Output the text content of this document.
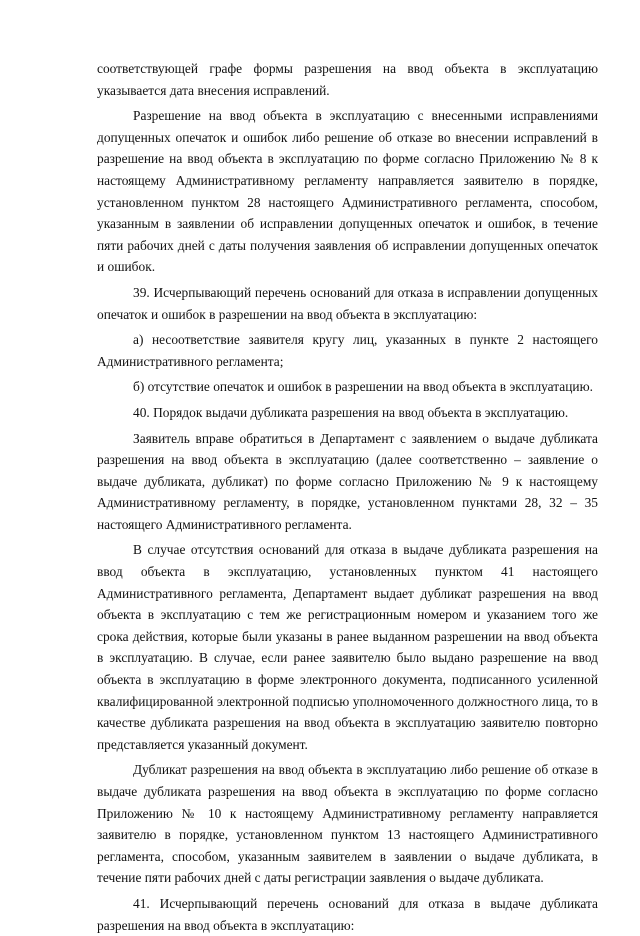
соответствующей графе формы разрешения на ввод объекта в эксплуатацию указывается дата внесения исправлений.

Разрешение на ввод объекта в эксплуатацию с внесенными исправлениями допущенных опечаток и ошибок либо решение об отказе во внесении исправлений в разрешение на ввод объекта в эксплуатацию по форме согласно Приложению № 8 к настоящему Административному регламенту направляется заявителю в порядке, установленном пунктом 28 настоящего Административного регламента, способом, указанным в заявлении об исправлении допущенных опечаток и ошибок, в течение пяти рабочих дней с даты получения заявления об исправлении допущенных опечаток и ошибок.

39. Исчерпывающий перечень оснований для отказа в исправлении допущенных опечаток и ошибок в разрешении на ввод объекта в эксплуатацию:

а) несоответствие заявителя кругу лиц, указанных в пункте 2 настоящего Административного регламента;

б) отсутствие опечаток и ошибок в разрешении на ввод объекта в эксплуатацию.

40. Порядок выдачи дубликата разрешения на ввод объекта в эксплуатацию.

Заявитель вправе обратиться в Департамент с заявлением о выдаче дубликата разрешения на ввод объекта в эксплуатацию (далее соответственно – заявление о выдаче дубликата, дубликат) по форме согласно Приложению № 9 к настоящему Административному регламенту, в порядке, установленном пунктами 28, 32 – 35 настоящего Административного регламента.

В случае отсутствия оснований для отказа в выдаче дубликата разрешения на ввод объекта в эксплуатацию, установленных пунктом 41 настоящего Административного регламента, Департамент выдает дубликат разрешения на ввод объекта в эксплуатацию с тем же регистрационным номером и указанием того же срока действия, которые были указаны в ранее выданном разрешении на ввод объекта в эксплуатацию. В случае, если ранее заявителю было выдано разрешение на ввод объекта в эксплуатацию в форме электронного документа, подписанного усиленной квалифицированной электронной подписью уполномоченного должностного лица, то в качестве дубликата разрешения на ввод объекта в эксплуатацию заявителю повторно представляется указанный документ.

Дубликат разрешения на ввод объекта в эксплуатацию либо решение об отказе в выдаче дубликата разрешения на ввод объекта в эксплуатацию по форме согласно Приложению № 10 к настоящему Административному регламенту направляется заявителю в порядке, установленном пунктом 13 настоящего Административного регламента, способом, указанным заявителем в заявлении о выдаче дубликата, в течение пяти рабочих дней с даты регистрации заявления о выдаче дубликата.

41. Исчерпывающий перечень оснований для отказа в выдаче дубликата разрешения на ввод объекта в эксплуатацию:
